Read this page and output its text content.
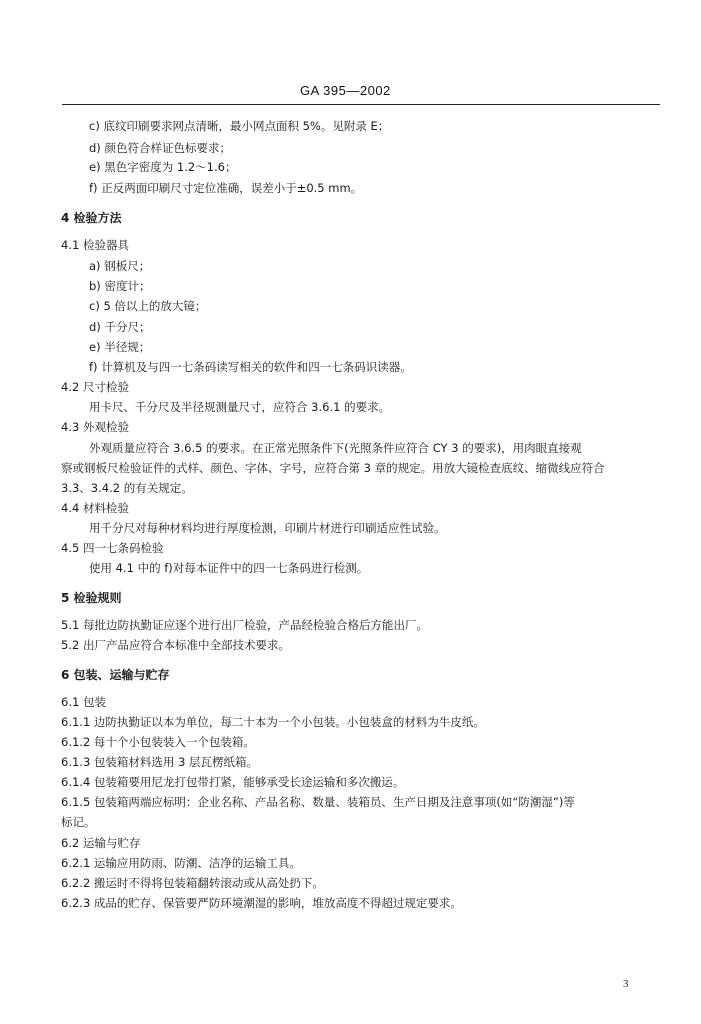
GA 395—2002
c) 底纹印刷要求网点清晰，最小网点面积 5%。见附录 E；
d) 颜色符合样证色标要求；
e) 黑色字密度为 1.2～1.6；
f) 正反两面印刷尺寸定位准确，误差小于±0.5 mm。
4 检验方法
4.1 检验器具
a) 钢板尺；
b) 密度计；
c) 5 倍以上的放大镜；
d) 千分尺；
e) 半径规；
f) 计算机及与四一七条码读写相关的软件和四一七条码识读器。
4.2 尺寸检验
用卡尺、千分尺及半径规测量尺寸，应符合 3.6.1 的要求。
4.3 外观检验
外观质量应符合 3.6.5 的要求。在正常光照条件下(光照条件应符合 CY 3 的要求)，用肉眼直接观
察或钢板尺检验证件的式样、颜色、字体、字号，应符合第 3 章的规定。用放大镜检查底纹、缩微线应符合
3.3、3.4.2 的有关规定。
4.4 材料检验
用千分尺对每种材料均进行厚度检测，印刷片材进行印刷适应性试验。
4.5 四一七条码检验
使用 4.1 中的 f)对每本证件中的四一七条码进行检测。
5 检验规则
5.1 每批边防执勤证应逐个进行出厂检验，产品经检验合格后方能出厂。
5.2 出厂产品应符合本标准中全部技术要求。
6 包装、运输与贮存
6.1 包装
6.1.1 边防执勤证以本为单位，每二十本为一个小包装。小包装盒的材料为牛皮纸。
6.1.2 每十个小包装装入一个包装箱。
6.1.3 包装箱材料选用 3 层瓦楞纸箱。
6.1.4 包装箱要用尼龙打包带打紧，能够承受长途运输和多次搬运。
6.1.5 包装箱两端应标明：企业名称、产品名称、数量、装箱员、生产日期及注意事项(如“防潮湿”)等
标记。
6.2 运输与贮存
6.2.1 运输应用防雨、防潮、洁净的运输工具。
6.2.2 搬运时不得将包装箱翻转滚动或从高处扔下。
6.2.3 成品的贮存、保管要严防环境潮湿的影响，堆放高度不得超过规定要求。
3
